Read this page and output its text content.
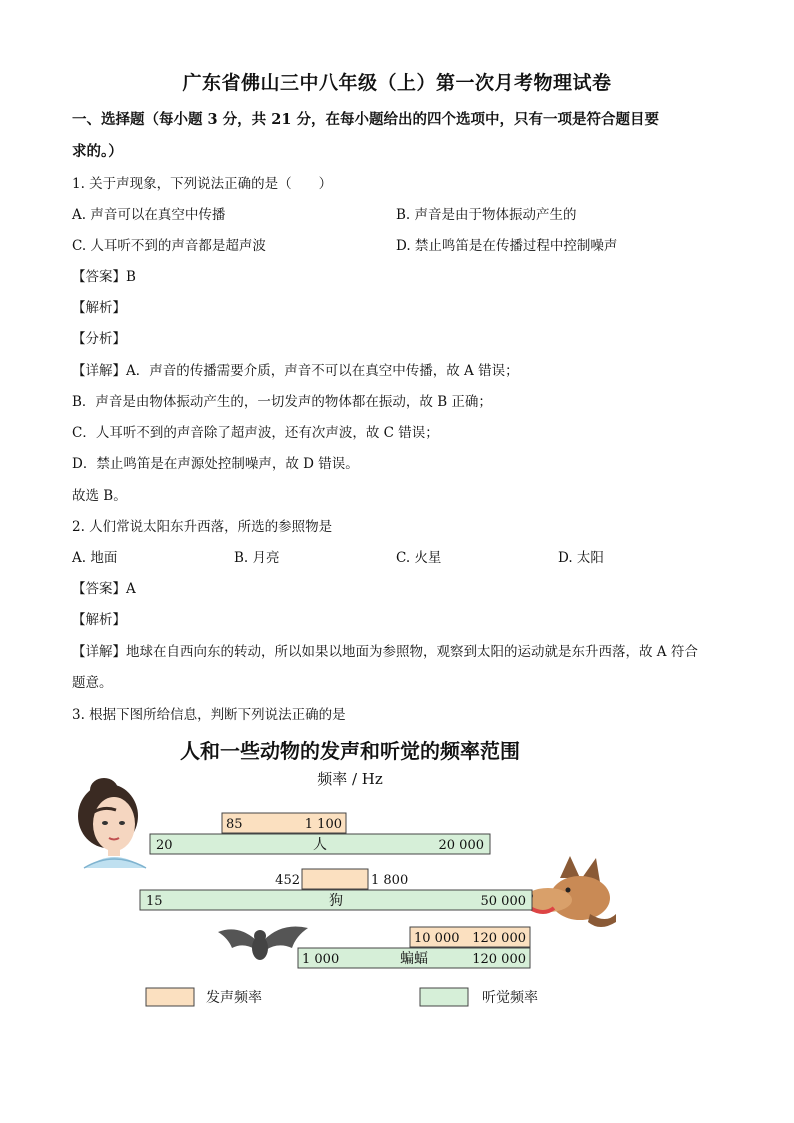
广东省佛山三中八年级（上）第一次月考物理试卷
一、选择题（每小题 3 分，共 21 分，在每小题给出的四个选项中，只有一项是符合题目要
求的。）
1. 关于声现象，下列说法正确的是（　　）
A. 声音可以在真空中传播	B. 声音是由于物体振动产生的
C. 人耳听不到的声音都是超声波	D. 禁止鸣笛是在传播过程中控制噪声
【答案】B
【解析】
【分析】
【详解】A．声音的传播需要介质，声音不可以在真空中传播，故 A 错误；
B．声音是由物体振动产生的，一切发声的物体都在振动，故 B 正确；
C．人耳听不到的声音除了超声波，还有次声波，故 C 错误；
D．禁止鸣笛是在声源处控制噪声，故 D 错误。
故选 B。
2. 人们常说太阳东升西落，所选的参照物是
A. 地面	B. 月亮	C. 火星	D. 太阳
【答案】A
【解析】
【详解】地球在自西向东的转动，所以如果以地面为参照物，观察到太阳的运动就是东升西落，故 A 符合
题意。
3. 根据下图所给信息，判断下列说法正确的是
人和一些动物的发声和听觉的频率范围
频率 / Hz
85	1 100
20	人	20 000
452	1 800
15	狗	50 000
10 000 120 000
1 000	蝙蝠	120 000
发声频率	听觉频率
